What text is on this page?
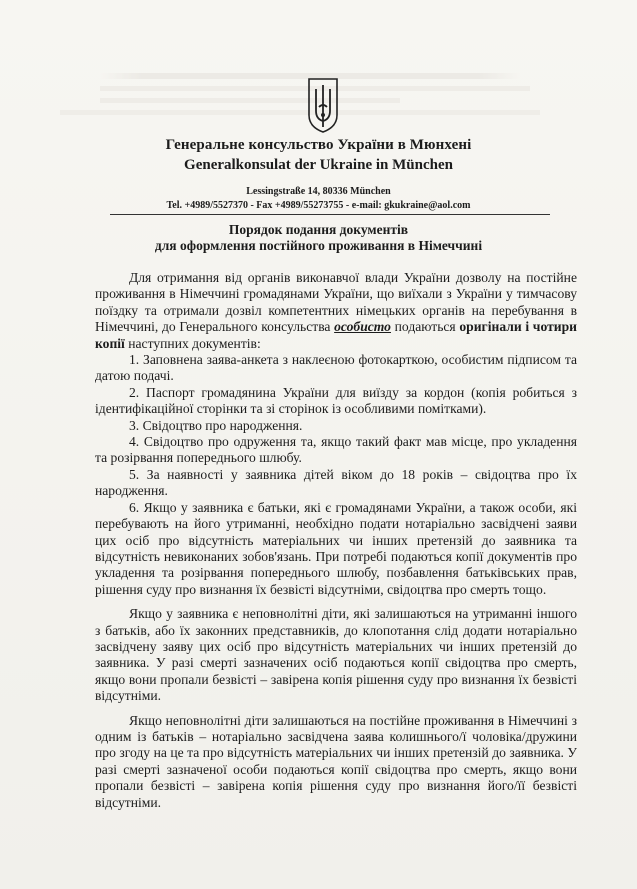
Генеральне консульство України в Мюнхені
Generalkonsulat der Ukraine in München
Lessingstraße 14, 80336 München
Tel. +4989/5527370 - Fax +4989/55273755 - e-mail: gkukraine@aol.com
Порядок подання документів
для оформлення постійного проживання в Німеччині

Для отримання від органів виконавчої влади України дозволу на постійне проживання в Німеччині громадянами України, що виїхали з України у тимчасову поїздку та отримали дозвіл компетентних німецьких органів на перебування в Німеччині, до Генерального консульства особисто подаються оригінали і чотири копії наступних документів:

1. Заповнена заява-анкета з наклеєною фотокарткою, особистим підписом та датою подачі.

2. Паспорт громадянина України для виїзду за кордон (копія робиться з ідентифікаційної сторінки та зі сторінок із особливими помітками).

3. Свідоцтво про народження.

4. Свідоцтво про одруження та, якщо такий факт мав місце, про укладення та розірвання попереднього шлюбу.

5. За наявності у заявника дітей віком до 18 років – свідоцтва про їх народження.

6. Якщо у заявника є батьки, які є громадянами України, а також особи, які перебувають на його утриманні, необхідно подати нотаріально засвідчені заяви цих осіб про відсутність матеріальних чи інших претензій до заявника та відсутність невиконаних зобов'язань. При потребі подаються копії документів про укладення та розірвання попереднього шлюбу, позбавлення батьківських прав, рішення суду про визнання їх безвісті відсутніми, свідоцтва про смерть тощо.

Якщо у заявника є неповнолітні діти, які залишаються на утриманні іншого з батьків, або їх законних представників, до клопотання слід додати нотаріально засвідчену заяву цих осіб про відсутність матеріальних чи інших претензій до заявника. У разі смерті зазначених осіб подаються копії свідоцтва про смерть, якщо вони пропали безвісті – завірена копія рішення суду про визнання їх безвісті відсутніми.

Якщо неповнолітні діти залишаються на постійне проживання в Німеччині з одним із батьків – нотаріально засвідчена заява колишнього/ї чоловіка/дружини про згоду на це та про відсутність матеріальних чи інших претензій до заявника. У разі смерті зазначеної особи подаються копії свідоцтва про смерть, якщо вони пропали безвісті – завірена копія рішення суду про визнання його/її безвісті відсутніми.
